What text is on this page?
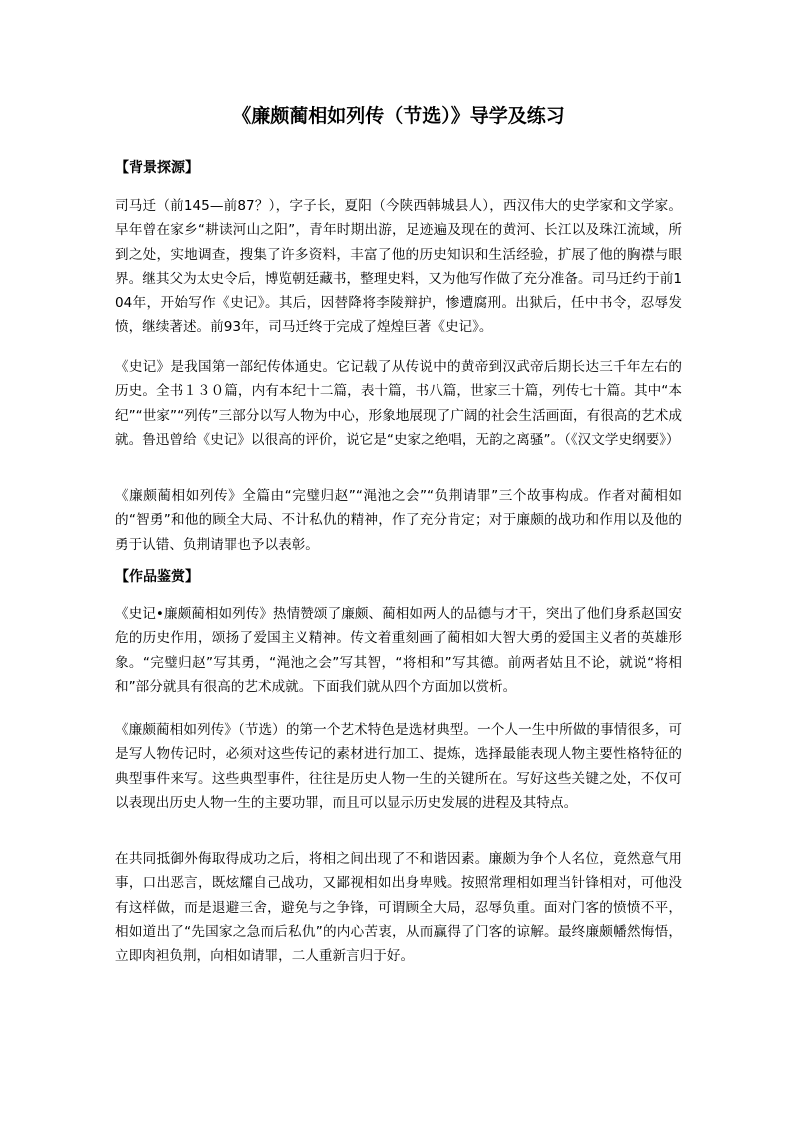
《廉颇蔺相如列传（节选）》导学及练习
【背景探源】

司马迁（前145—前87？），字子长，夏阳（今陕西韩城县人），西汉伟大的史学家和文学家。早年曾在家乡“耕读河山之阳”，青年时期出游，足迹遍及现在的黄河、长江以及珠江流域，所到之处，实地调查，搜集了许多资料，丰富了他的历史知识和生活经验，扩展了他的胸襟与眼界。继其父为太史令后，博览朝廷藏书，整理史料，又为他写作做了充分准备。司马迁约于前104年，开始写作《史记》。其后，因替降将李陵辩护，惨遭腐刑。出狱后，任中书令，忍辱发愤，继续著述。前93年，司马迁终于完成了煌煌巨著《史记》。

《史记》是我国第一部纪传体通史。它记载了从传说中的黄帝到汉武帝后期长达三千年左右的历史。全书１３０篇，内有本纪十二篇，表十篇，书八篇，世家三十篇，列传七十篇。其中“本纪”“世家”“列传”三部分以写人物为中心，形象地展现了广阔的社会生活画面，有很高的艺术成就。鲁迅曾给《史记》以很高的评价，说它是“史家之绝唱，无韵之离骚”。（《汉文学史纲要》）

《廉颇蔺相如列传》全篇由“完璧归赵”“渑池之会”“负荆请罪”三个故事构成。作者对蔺相如的“智勇”和他的顾全大局、不计私仇的精神，作了充分肯定；对于廉颇的战功和作用以及他的勇于认错、负荆请罪也予以表彰。

【作品鉴赏】

《史记•廉颇蔺相如列传》热情赞颂了廉颇、蔺相如两人的品德与才干，突出了他们身系赵国安危的历史作用，颂扬了爱国主义精神。传文着重刻画了蔺相如大智大勇的爱国主义者的英雄形象。“完璧归赵”写其勇，“渑池之会”写其智，“将相和”写其德。前两者姑且不论，就说“将相和”部分就具有很高的艺术成就。下面我们就从四个方面加以赏析。

《廉颇蔺相如列传》（节选）的第一个艺术特色是选材典型。一个人一生中所做的事情很多，可是写人物传记时，必须对这些传记的素材进行加工、提炼，选择最能表现人物主要性格特征的典型事件来写。这些典型事件，往往是历史人物一生的关键所在。写好这些关键之处，不仅可以表现出历史人物一生的主要功罪，而且可以显示历史发展的进程及其特点。

在共同抵御外侮取得成功之后，将相之间出现了不和谐因素。廉颇为争个人名位，竟然意气用事，口出恶言，既炫耀自己战功，又鄙视相如出身卑贱。按照常理相如理当针锋相对，可他没有这样做，而是退避三舍，避免与之争锋，可谓顾全大局，忍辱负重。面对门客的愤愤不平，相如道出了“先国家之急而后私仇”的内心苦衷，从而赢得了门客的谅解。最终廉颇幡然悔悟，立即肉袒负荆，向相如请罪，二人重新言归于好。
